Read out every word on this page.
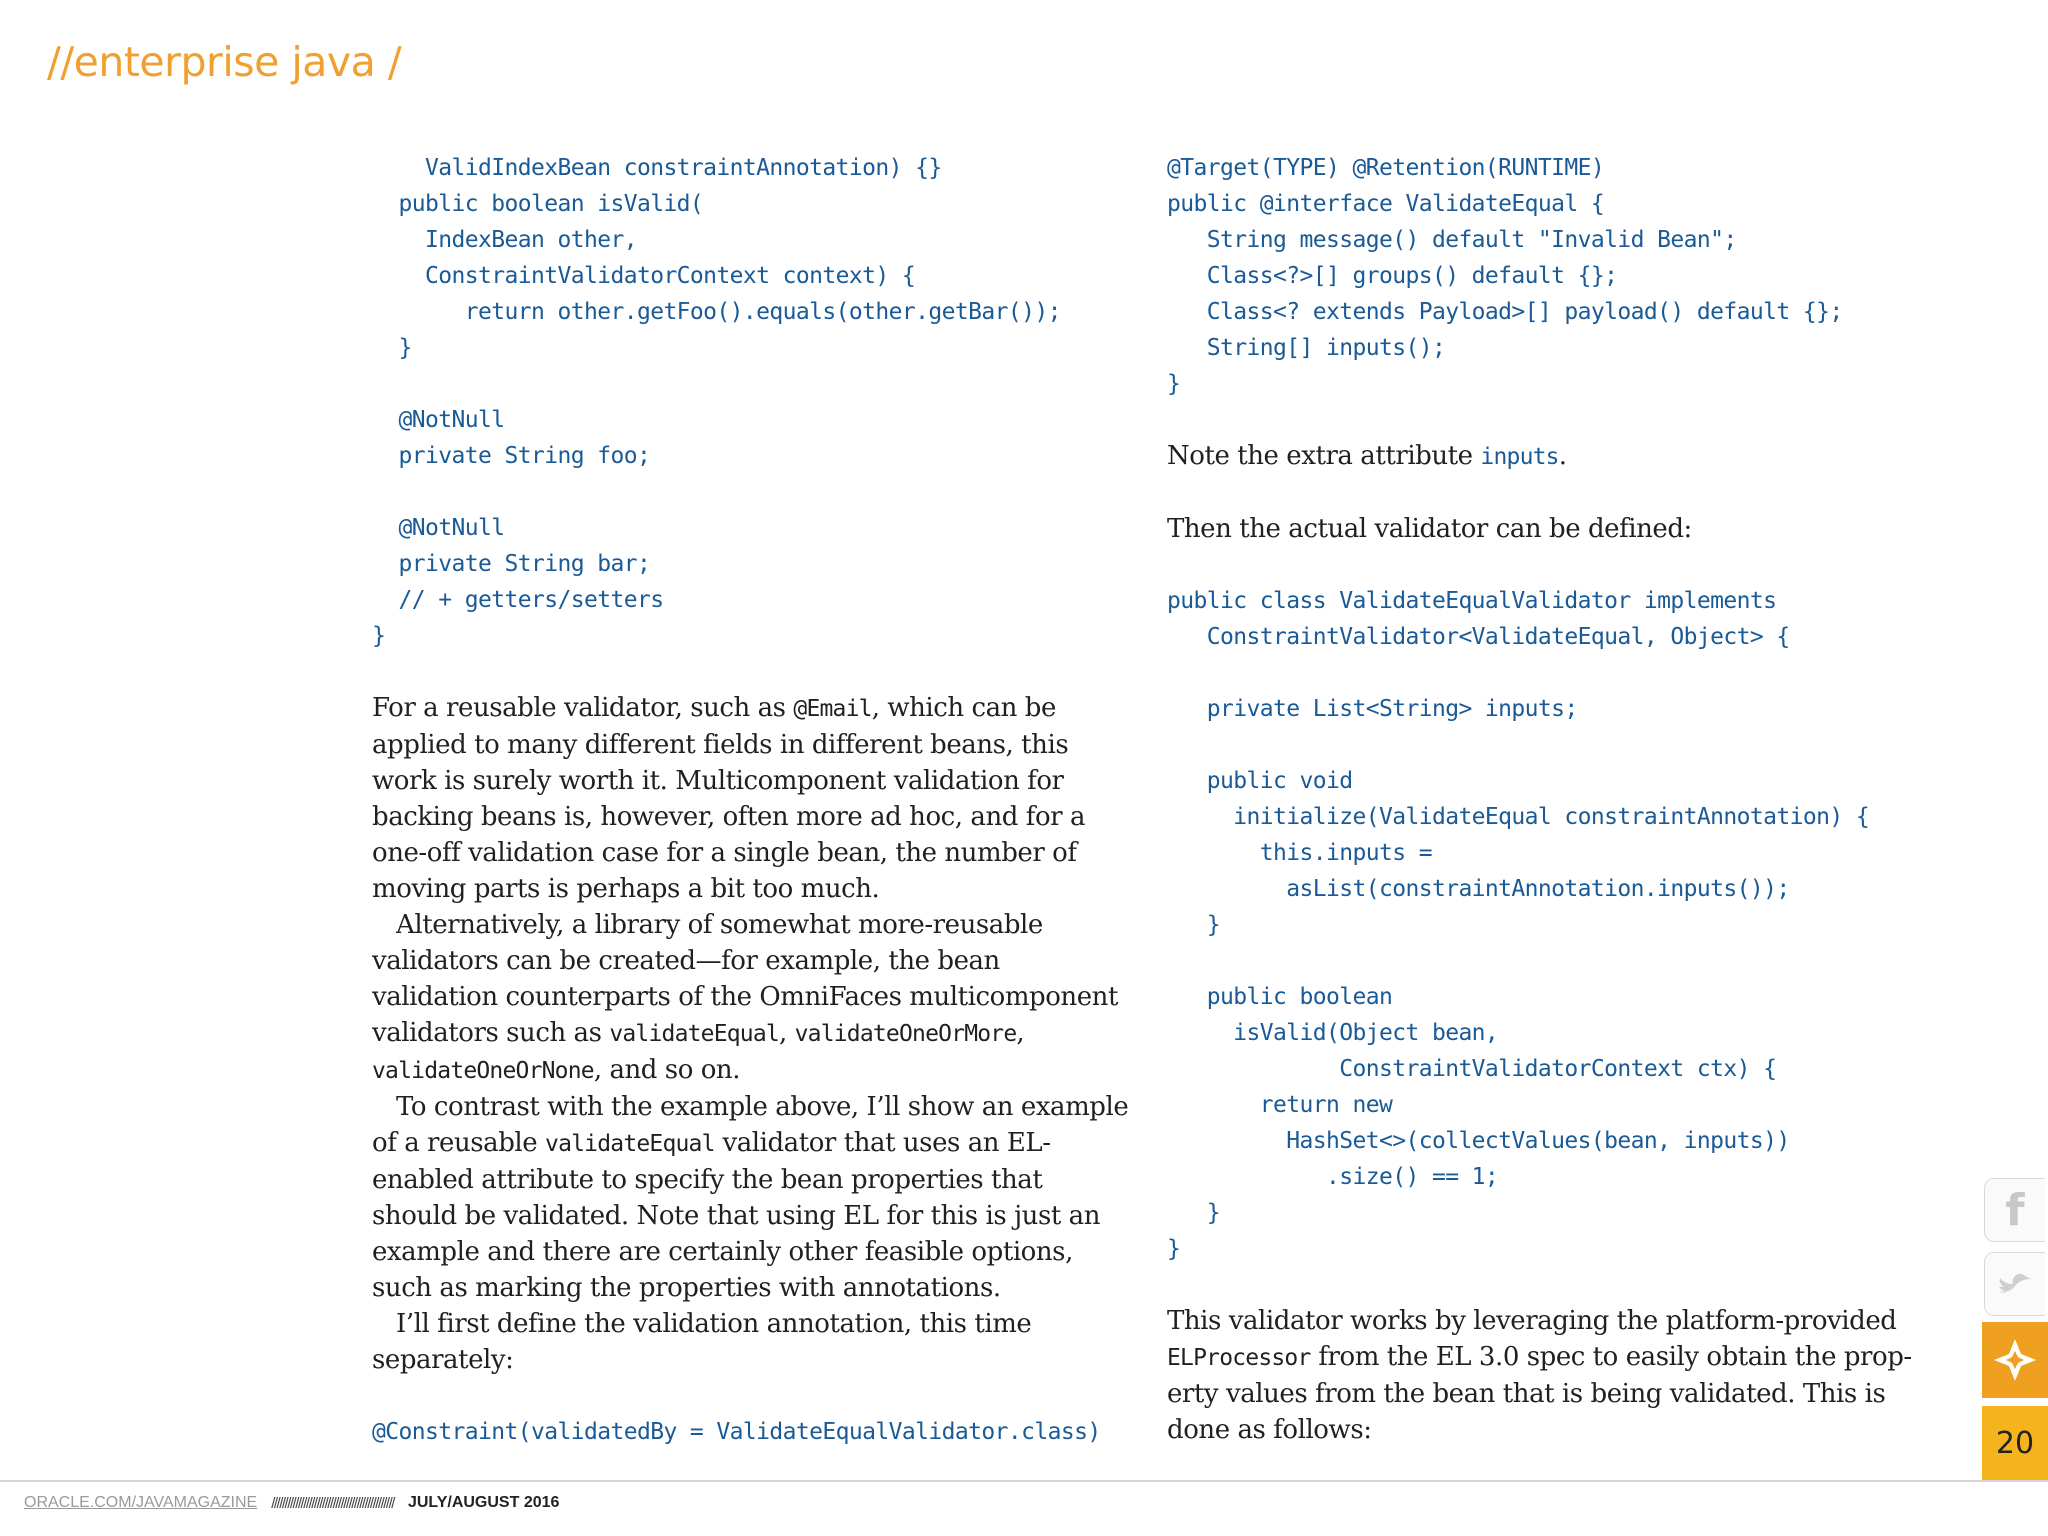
//enterprise java /
ValidIndexBean constraintAnnotation) {}
public boolean isValid(
IndexBean other,
ConstraintValidatorContext context) {
return other.getFoo().equals(other.getBar());
}

@NotNull
private String foo;

@NotNull
private String bar;
// + getters/setters
}

For a reusable validator, such as @Email, which can be applied to many different fields in different beans, this work is surely worth it. Multicomponent validation for backing beans is, however, often more ad hoc, and for a one-off validation case for a single bean, the number of moving parts is perhaps a bit too much.

Alternatively, a library of somewhat more-reusable validators can be created—for example, the bean validation counterparts of the OmniFaces multicomponent validators such as validateEqual, validateOneOrMore, validateOneOrNone, and so on.

To contrast with the example above, I’ll show an example of a reusable validateEqual validator that uses an EL-enabled attribute to specify the bean properties that should be validated. Note that using EL for this is just an example and there are certainly other feasible options, such as marking the properties with annotations.

I’ll first define the validation annotation, this time separately:

@Constraint(validatedBy = ValidateEqualValidator.class)
@Target(TYPE) @Retention(RUNTIME)
public @interface ValidateEqual {
String message() default "Invalid Bean";
Class<?>[] groups() default {};
Class<? extends Payload>[] payload() default {};
String[] inputs();
}

Note the extra attribute inputs.

Then the actual validator can be defined:

public class ValidateEqualValidator implements
ConstraintValidator<ValidateEqual, Object> {

private List<String> inputs;

public void
initialize(ValidateEqual constraintAnnotation) {
this.inputs =
asList(constraintAnnotation.inputs());
}

public boolean
isValid(Object bean,
ConstraintValidatorContext ctx) {
return new
HashSet<>(collectValues(bean, inputs))
.size() == 1;
}
}

This validator works by leveraging the platform-provided ELProcessor from the EL 3.0 spec to easily obtain the property values from the bean that is being validated. This is done as follows:

f
20
ORACLE.COM/JAVAMAGAZINE ////////////////////////////////////////////// JULY/AUGUST 2016
